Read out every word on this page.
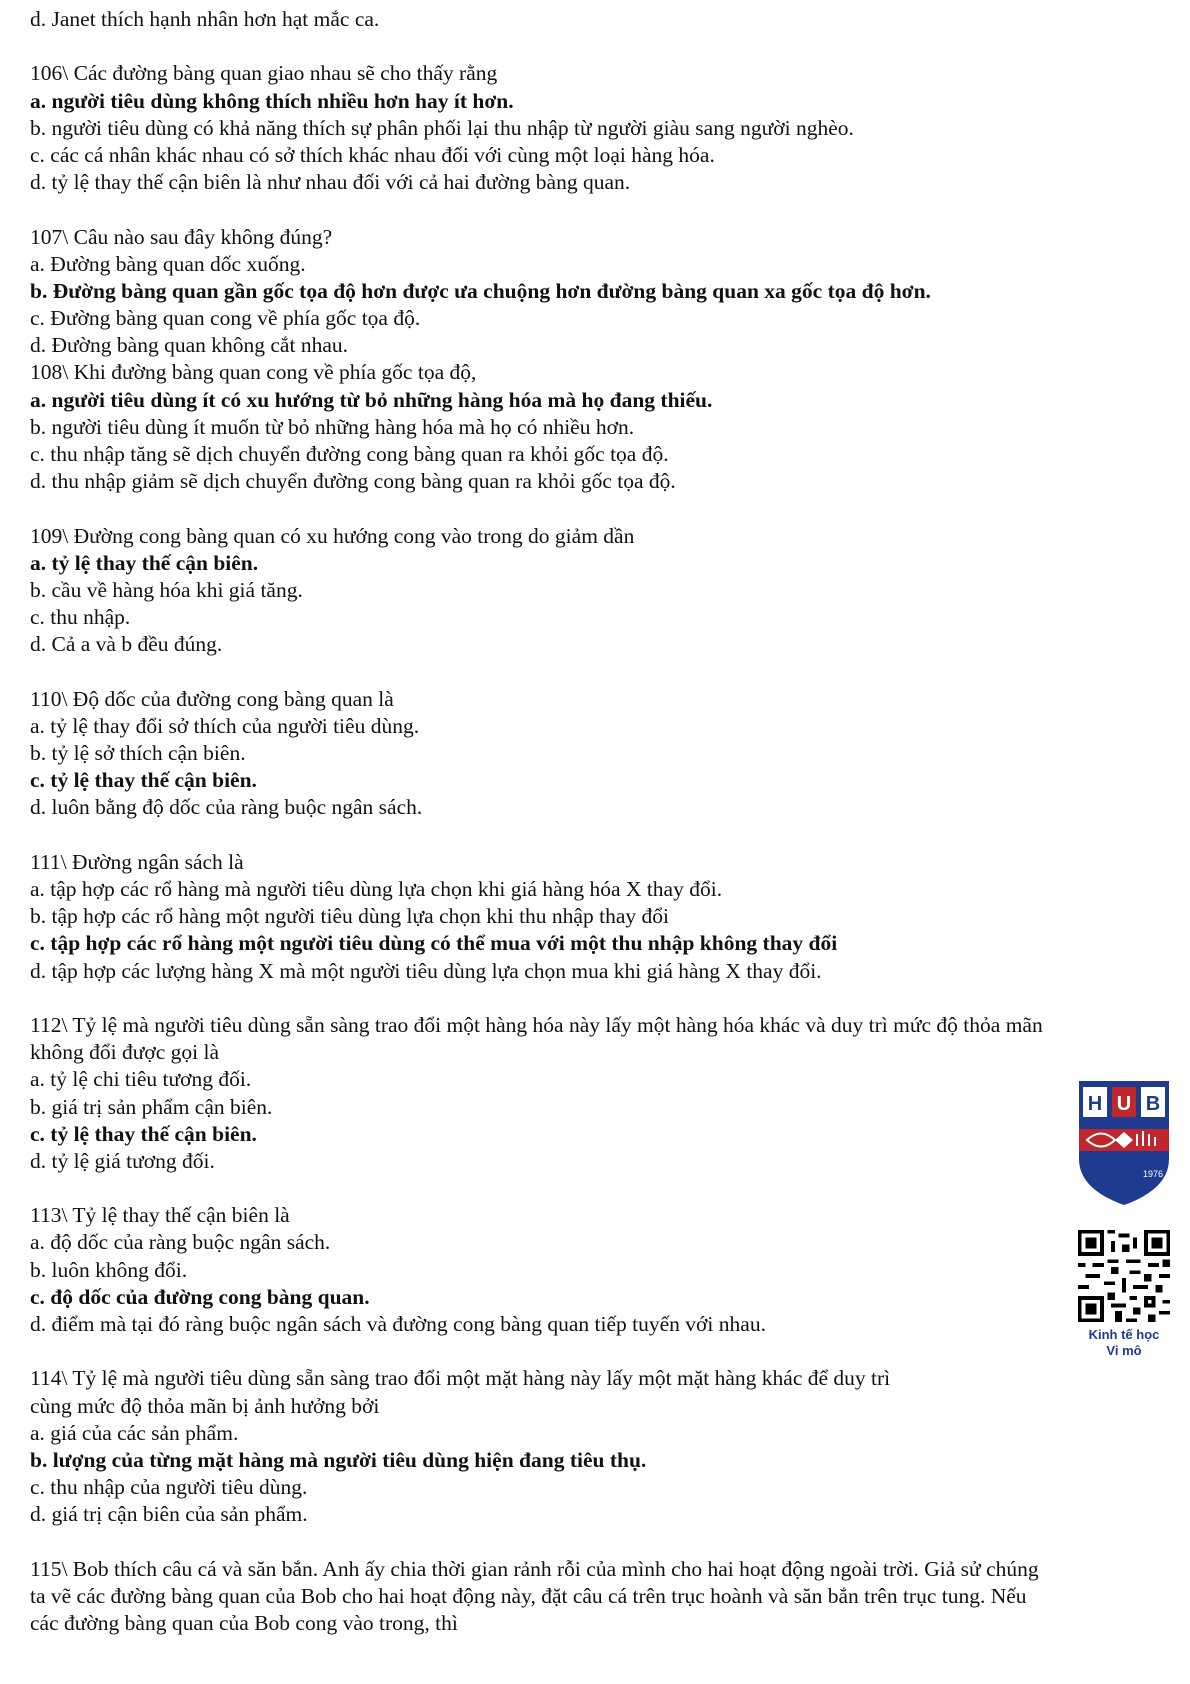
d. Janet thích hạnh nhân hơn hạt mắc ca.
106\ Các đường bàng quan giao nhau sẽ cho thấy rằng
a. người tiêu dùng không thích nhiều hơn hay ít hơn.
b. người tiêu dùng có khả năng thích sự phân phối lại thu nhập từ người giàu sang người nghèo.
c. các cá nhân khác nhau có sở thích khác nhau đối với cùng một loại hàng hóa.
d. tỷ lệ thay thế cận biên là như nhau đối với cả hai đường bàng quan.
107\ Câu nào sau đây không đúng?
a. Đường bàng quan dốc xuống.
b. Đường bàng quan gần gốc tọa độ hơn được ưa chuộng hơn đường bàng quan xa gốc tọa độ hơn.
c. Đường bàng quan cong về phía gốc tọa độ.
d. Đường bàng quan không cắt nhau.
108\ Khi đường bàng quan cong về phía gốc tọa độ,
a. người tiêu dùng ít có xu hướng từ bỏ những hàng hóa mà họ đang thiếu.
b. người tiêu dùng ít muốn từ bỏ những hàng hóa mà họ có nhiều hơn.
c. thu nhập tăng sẽ dịch chuyển đường cong bàng quan ra khỏi gốc tọa độ.
d. thu nhập giảm sẽ dịch chuyển đường cong bàng quan ra khỏi gốc tọa độ.
109\ Đường cong bàng quan có xu hướng cong vào trong do giảm dần
a. tỷ lệ thay thế cận biên.
b. cầu về hàng hóa khi giá tăng.
c. thu nhập.
d. Cả a và b đều đúng.
110\ Độ dốc của đường cong bàng quan là
a. tỷ lệ thay đổi sở thích của người tiêu dùng.
b. tỷ lệ sở thích cận biên.
c. tỷ lệ thay thế cận biên.
d. luôn bằng độ dốc của ràng buộc ngân sách.
111\ Đường ngân sách là
a. tập hợp các rổ hàng mà người tiêu dùng lựa chọn khi giá hàng hóa X thay đổi.
b. tập hợp các rổ hàng một người tiêu dùng lựa chọn khi thu nhập thay đổi
c. tập hợp các rổ hàng một người tiêu dùng có thể mua với một thu nhập không thay đổi
d. tập hợp các lượng hàng X mà một người tiêu dùng lựa chọn mua khi giá hàng X thay đổi.
112\ Tỷ lệ mà người tiêu dùng sẵn sàng trao đổi một hàng hóa này lấy một hàng hóa khác và duy trì mức độ thỏa mãn
không đổi được gọi là
a. tỷ lệ chi tiêu tương đối.
b. giá trị sản phẩm cận biên.
c. tỷ lệ thay thế cận biên.
d. tỷ lệ giá tương đối.
113\ Tỷ lệ thay thế cận biên là
a. độ dốc của ràng buộc ngân sách.
b. luôn không đổi.
c. độ dốc của đường cong bàng quan.
d. điểm mà tại đó ràng buộc ngân sách và đường cong bàng quan tiếp tuyến với nhau.
114\ Tỷ lệ mà người tiêu dùng sẵn sàng trao đổi một mặt hàng này lấy một mặt hàng khác để duy trì
cùng mức độ thỏa mãn bị ảnh hưởng bởi
a. giá của các sản phẩm.
b. lượng của từng mặt hàng mà người tiêu dùng hiện đang tiêu thụ.
c. thu nhập của người tiêu dùng.
d. giá trị cận biên của sản phẩm.
115\ Bob thích câu cá và săn bắn. Anh ấy chia thời gian rảnh rỗi của mình cho hai hoạt động ngoài trời. Giả sử chúng
ta vẽ các đường bàng quan của Bob cho hai hoạt động này, đặt câu cá trên trục hoành và săn bắn trên trục tung. Nếu
các đường bàng quan của Bob cong vào trong, thì
H U B
1976
Kinh tế học
Vi mô
